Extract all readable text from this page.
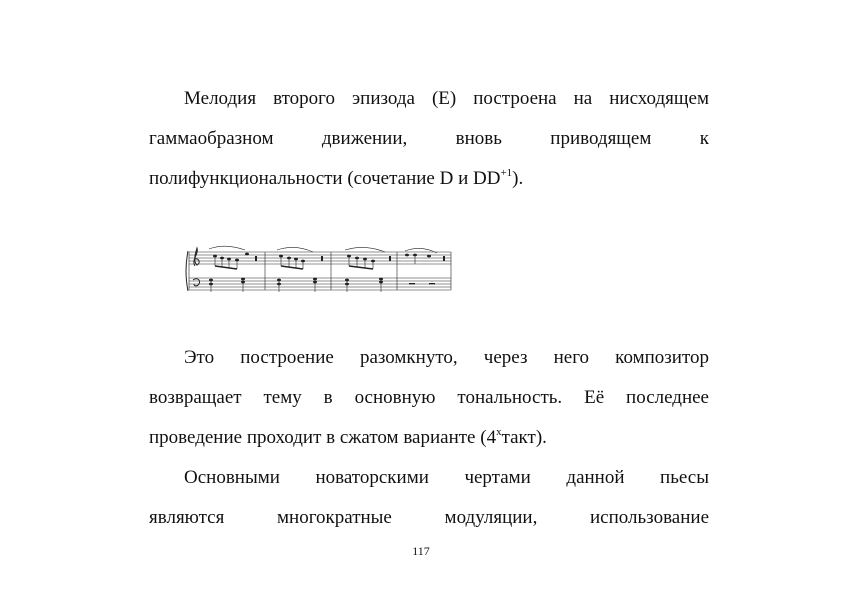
Мелодия второго эпизода (Е) построена на нисходящем
гаммаобразном движении, вновь приводящем к
полифункциональности (сочетание D и $DD^{+1}$).
Это построение разомкнуто, через него композитор
возвращает тему в основную тональность. Её последнее
проведение проходит в сжатом варианте $(4^хтакт)$.
Основными новаторскими чертами данной пьесы
являются многократные модуляции, использование
117
